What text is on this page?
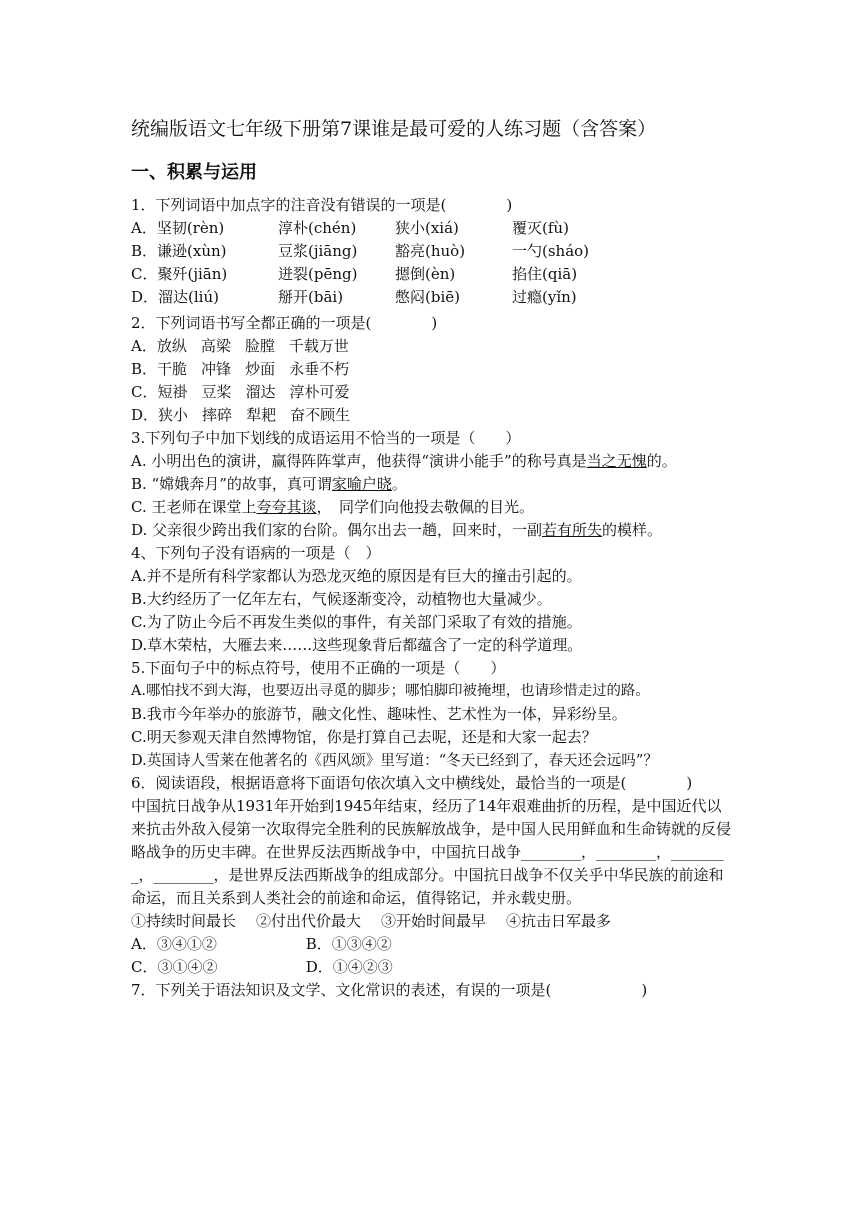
统编版语文七年级下册第7课谁是最可爱的人练习题（含答案）
一、积累与运用
1．下列词语中加点字的注音没有错误的一项是(　　　　)
A．坚韧(rèn)	淳朴(chén)	狭小(xiá)	覆灭(fù)
B．谦逊(xùn)	豆浆(jiāng)	豁亮(huò)	一勺(sháo)
C．聚歼(jiān)	迸裂(pēng)	摁倒(èn)	掐住(qiā)
D．溜达(liú)	掰开(bāi)	憋闷(biē)	过瘾(yǐn)
2．下列词语书写全都正确的一项是(　　　　)
A．放纵 高梁 脸膛 千载万世
B．干脆 冲锋 炒面 永垂不朽
C．短褂 豆桨 溜达 淳朴可爱
D．狭小 摔碎 犁耙 奋不顾生
3.下列句子中加下划线的成语运用不恰当的一项是（　　）
A. 小明出色的演讲，赢得阵阵掌声，他获得“演讲小能手”的称号真是当之无愧的。
B. “嫦娥奔月”的故事，真可谓家喻户晓。
C. 王老师在课堂上夸夸其谈，　同学们向他投去敬佩的目光。
D. 父亲很少跨出我们家的台阶。偶尔出去一趟，回来时，一副若有所失的模样。
4、下列句子没有语病的一项是（　）
A.并不是所有科学家都认为恐龙灭绝的原因是有巨大的撞击引起的。
B.大约经历了一亿年左右，气候逐渐变冷，动植物也大量减少。
C.为了防止今后不再发生类似的事件，有关部门采取了有效的措施。
D.草木荣枯，大雁去来……这些现象背后都蕴含了一定的科学道理。
5.下面句子中的标点符号，使用不正确的一项是（　　）
A.哪怕找不到大海，也要迈出寻觅的脚步；哪怕脚印被掩埋，也请珍惜走过的路。
B.我市今年举办的旅游节，融文化性、趣味性、艺术性为一体，异彩纷呈。
C.明天参观天津自然博物馆，你是打算自己去呢，还是和大家一起去？
D.英国诗人雪莱在他著名的《西风颂》里写道：“冬天已经到了，春天还会远吗”？
6．阅读语段，根据语意将下面语句依次填入文中横线处，最恰当的一项是(　　　　)
中国抗日战争从1931年开始到1945年结束，经历了14年艰难曲折的历程，是中国近代以来抗击外敌入侵第一次取得完全胜利的民族解放战争，是中国人民用鲜血和生命铸就的反侵略战争的历史丰碑。在世界反法西斯战争中，中国抗日战争________，________，________，________，是世界反法西斯战争的组成部分。中国抗日战争不仅关乎中华民族的前途和命运，而且关系到人类社会的前途和命运，值得铭记，并永载史册。
①持续时间最长 ②付出代价最大 ③开始时间最早 ④抗击日军最多
A．③④①②	B．①③④②
C．③①④②	D．①④②③
7．下列关于语法知识及文学、文化常识的表述，有误的一项是(　　　　　　)
